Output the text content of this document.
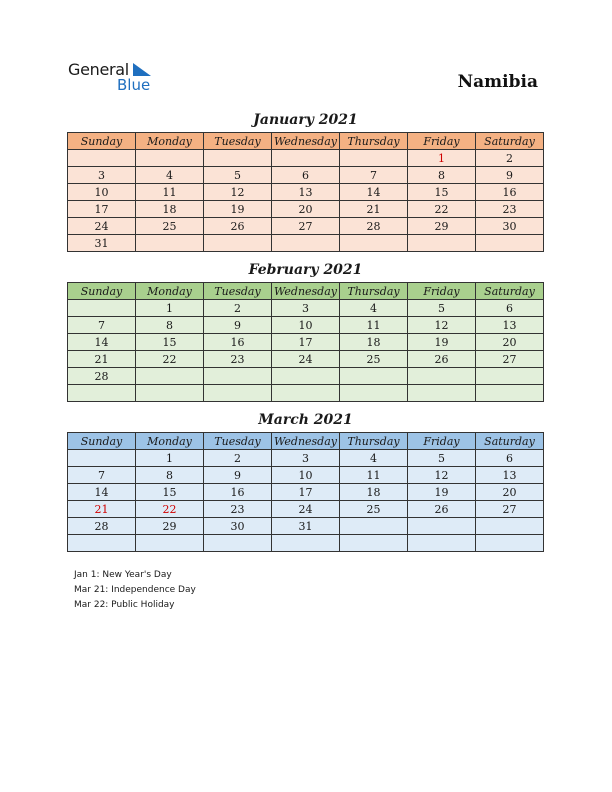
General
Blue	Namibia
January 2021
Sunday	Monday	Tuesday	Wednesday	Thursday	Friday	Saturday
					1	2
3	4	5	6	7	8	9
10	11	12	13	14	15	16
17	18	19	20	21	22	23
24	25	26	27	28	29	30
31						
February 2021
Sunday	Monday	Tuesday	Wednesday	Thursday	Friday	Saturday
	1	2	3	4	5	6
7	8	9	10	11	12	13
14	15	16	17	18	19	20
21	22	23	24	25	26	27
28						

March 2021
Sunday	Monday	Tuesday	Wednesday	Thursday	Friday	Saturday
	1	2	3	4	5	6
7	8	9	10	11	12	13
14	15	16	17	18	19	20
21	22	23	24	25	26	27
28	29	30	31			

Jan 1: New Year's Day
Mar 21: Independence Day
Mar 22: Public Holiday
